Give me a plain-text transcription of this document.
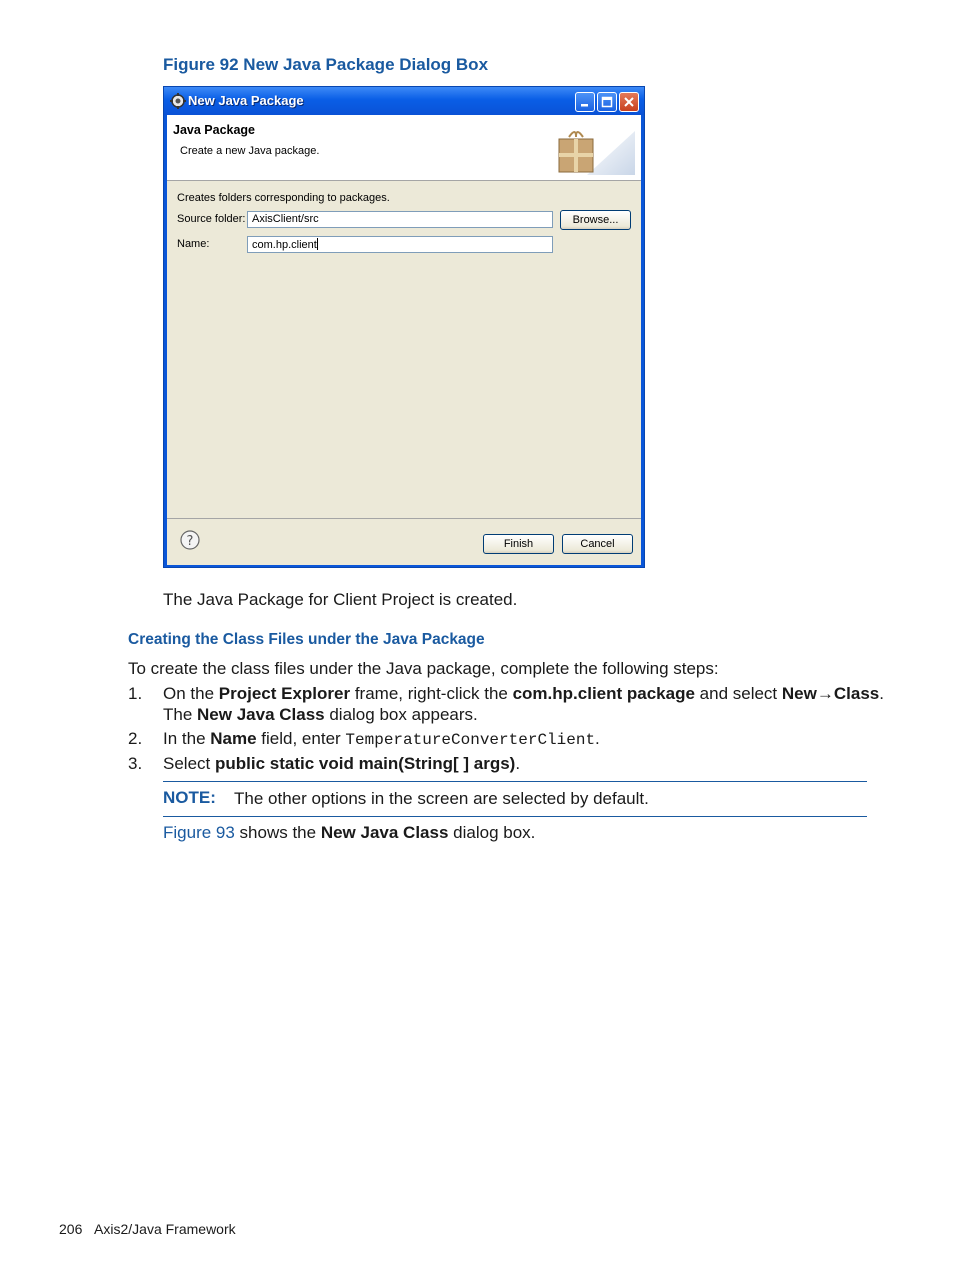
Figure 92 New Java Package Dialog Box
New Java Package
Java Package
Create a new Java package.
Creates folders corresponding to packages.
Source folder: AxisClient/src	Browse...
Name:	com.hp.client
?	Finish	Cancel
The Java Package for Client Project is created.
Creating the Class Files under the Java Package
To create the class files under the Java package, complete the following steps:
1. On the Project Explorer frame, right-click the com.hp.client package and select New→Class.
The New Java Class dialog box appears.
2. In the Name field, enter TemperatureConverterClient.
3. Select public static void main(String[ ] args).
NOTE: The other options in the screen are selected by default.
Figure 93 shows the New Java Class dialog box.
206 Axis2/Java Framework
